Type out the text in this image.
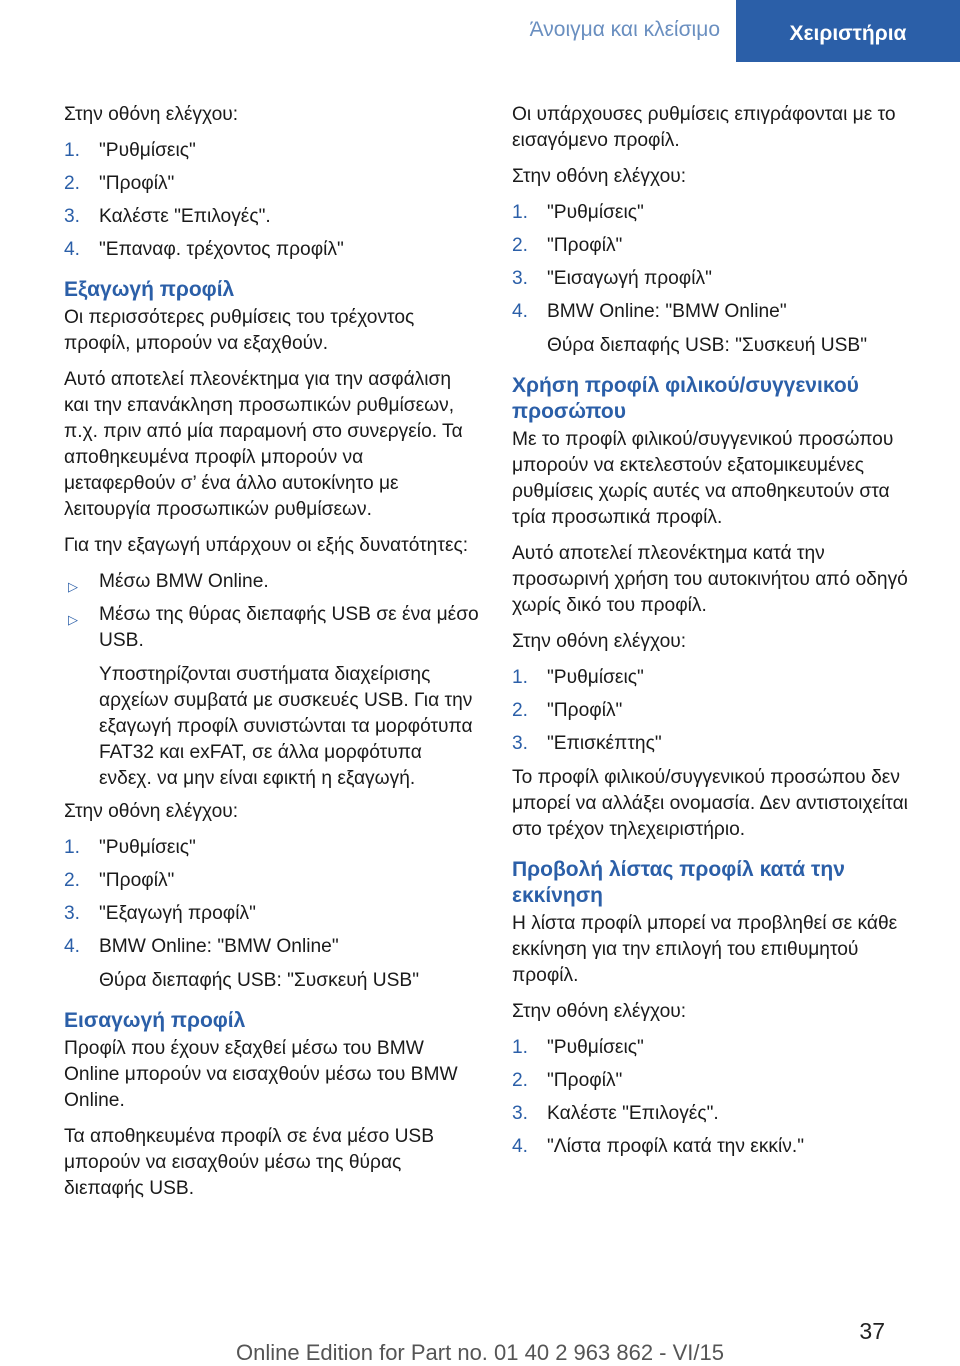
Άνοιγμα και κλείσιμο	Χειριστήρια

Στην οθόνη ελέγχου:

1. "Ρυθμίσεις"
2. "Προφίλ"
3. Καλέστε "Επιλογές".
4. "Επαναφ. τρέχοντος προφίλ"
Εξαγωγή προφίλ

Οι περισσότερες ρυθμίσεις του τρέχοντος προφίλ, μπορούν να εξαχθούν.

Αυτό αποτελεί πλεονέκτημα για την ασφάλιση και την επανάκληση προσωπικών ρυθμίσεων, π.χ. πριν από μία παραμονή στο συνεργείο. Τα αποθηκευμένα προφίλ μπορούν να μεταφερθούν σ’ ένα άλλο αυτοκίνητο με λειτουργία προσωπικών ρυθμίσεων.

Για την εξαγωγή υπάρχουν οι εξής δυνατότητες:

▷ Μέσω BMW Online.
▷ Μέσω της θύρας διεπαφής USB σε ένα μέσο USB.

Υποστηρίζονται συστήματα διαχείρισης αρχείων συμβατά με συσκευές USB. Για την εξαγωγή προφίλ συνιστώνται τα μορφότυπα FAT32 και exFAT, σε άλλα μορφότυπα ενδεχ. να μην είναι εφικτή η εξαγωγή.

Στην οθόνη ελέγχου:

1. "Ρυθμίσεις"
2. "Προφίλ"
3. "Εξαγωγή προφίλ"
4. BMW Online: "BMW Online"

Θύρα διεπαφής USB: "Συσκευή USB"

Εισαγωγή προφίλ

Προφίλ που έχουν εξαχθεί μέσω του BMW Online μπορούν να εισαχθούν μέσω του BMW Online.

Τα αποθηκευμένα προφίλ σε ένα μέσο USB μπορούν να εισαχθούν μέσω της θύρας διεπαφής USB.

Οι υπάρχουσες ρυθμίσεις επιγράφονται με το εισαγόμενο προφίλ.

Στην οθόνη ελέγχου:

1. "Ρυθμίσεις"
2. "Προφίλ"
3. "Εισαγωγή προφίλ"
4. BMW Online: "BMW Online"

Θύρα διεπαφής USB: "Συσκευή USB"

Χρήση προφίλ φιλικού/συγγενικού προσώπου

Με το προφίλ φιλικού/συγγενικού προσώπου μπορούν να εκτελεστούν εξατομικευμένες ρυθμίσεις χωρίς αυτές να αποθηκευτούν στα τρία προσωπικά προφίλ.

Αυτό αποτελεί πλεονέκτημα κατά την προσωρινή χρήση του αυτοκινήτου από οδηγό χωρίς δικό του προφίλ.

Στην οθόνη ελέγχου:

1. "Ρυθμίσεις"
2. "Προφίλ"
3. "Επισκέπτης"

Το προφίλ φιλικού/συγγενικού προσώπου δεν μπορεί να αλλάξει ονομασία. Δεν αντιστοιχείται στο τρέχον τηλεχειριστήριο.

Προβολή λίστας προφίλ κατά την εκκίνηση

Η λίστα προφίλ μπορεί να προβληθεί σε κάθε εκκίνηση για την επιλογή του επιθυμητού προφίλ.

Στην οθόνη ελέγχου:

1. "Ρυθμίσεις"
2. "Προφίλ"
3. Καλέστε "Επιλογές".
4. "Λίστα προφίλ κατά την εκκίν."
37
Online Edition for Part no. 01 40 2 963 862 - VI/15
